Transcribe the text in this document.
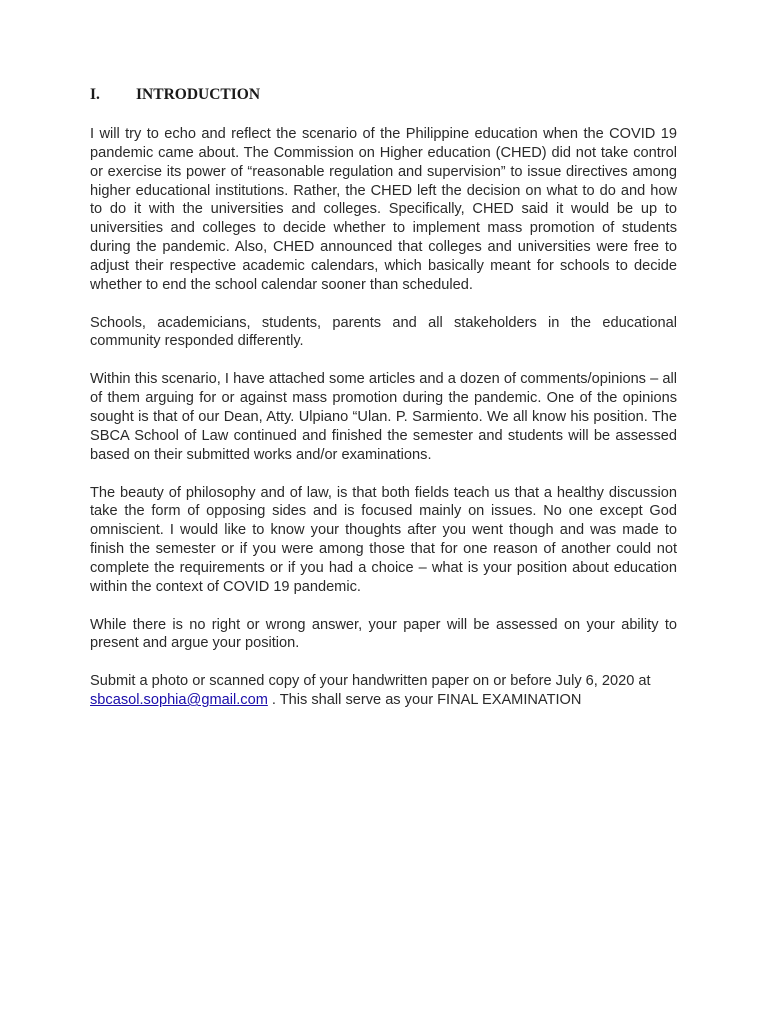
I.	INTRODUCTION

I will try to echo and reflect the scenario of the Philippine education when the COVID 19 pandemic came about. The Commission on Higher education (CHED) did not take control or exercise its power of “reasonable regulation and supervision” to issue directives among higher educational institutions. Rather, the CHED left the decision on what to do and how to do it with the universities and colleges. Specifically, CHED said it would be up to universities and colleges to decide whether to implement mass promotion of students during the pandemic. Also, CHED announced that colleges and universities were free to adjust their respective academic calendars, which basically meant for schools to decide whether to end the school calendar sooner than scheduled.

Schools, academicians, students, parents and all stakeholders in the educational community responded differently.

Within this scenario, I have attached some articles and a dozen of comments/opinions – all of them arguing for or against mass promotion during the pandemic. One of the opinions sought is that of our Dean, Atty. Ulpiano “Ulan. P. Sarmiento. We all know his position. The SBCA School of Law continued and finished the semester and students will be assessed based on their submitted works and/or examinations.

The beauty of philosophy and of law, is that both fields teach us that a healthy discussion take the form of opposing sides and is focused mainly on issues. No one except God omniscient. I would like to know your thoughts after you went though and was made to finish the semester or if you were among those that for one reason of another could not complete the requirements or if you had a choice – what is your position about education within the context of COVID 19 pandemic.

While there is no right or wrong answer, your paper will be assessed on your ability to present and argue your position.

Submit a photo or scanned copy of your handwritten paper on or before July 6, 2020 at
sbcasol.sophia@gmail.com . This shall serve as your FINAL EXAMINATION
